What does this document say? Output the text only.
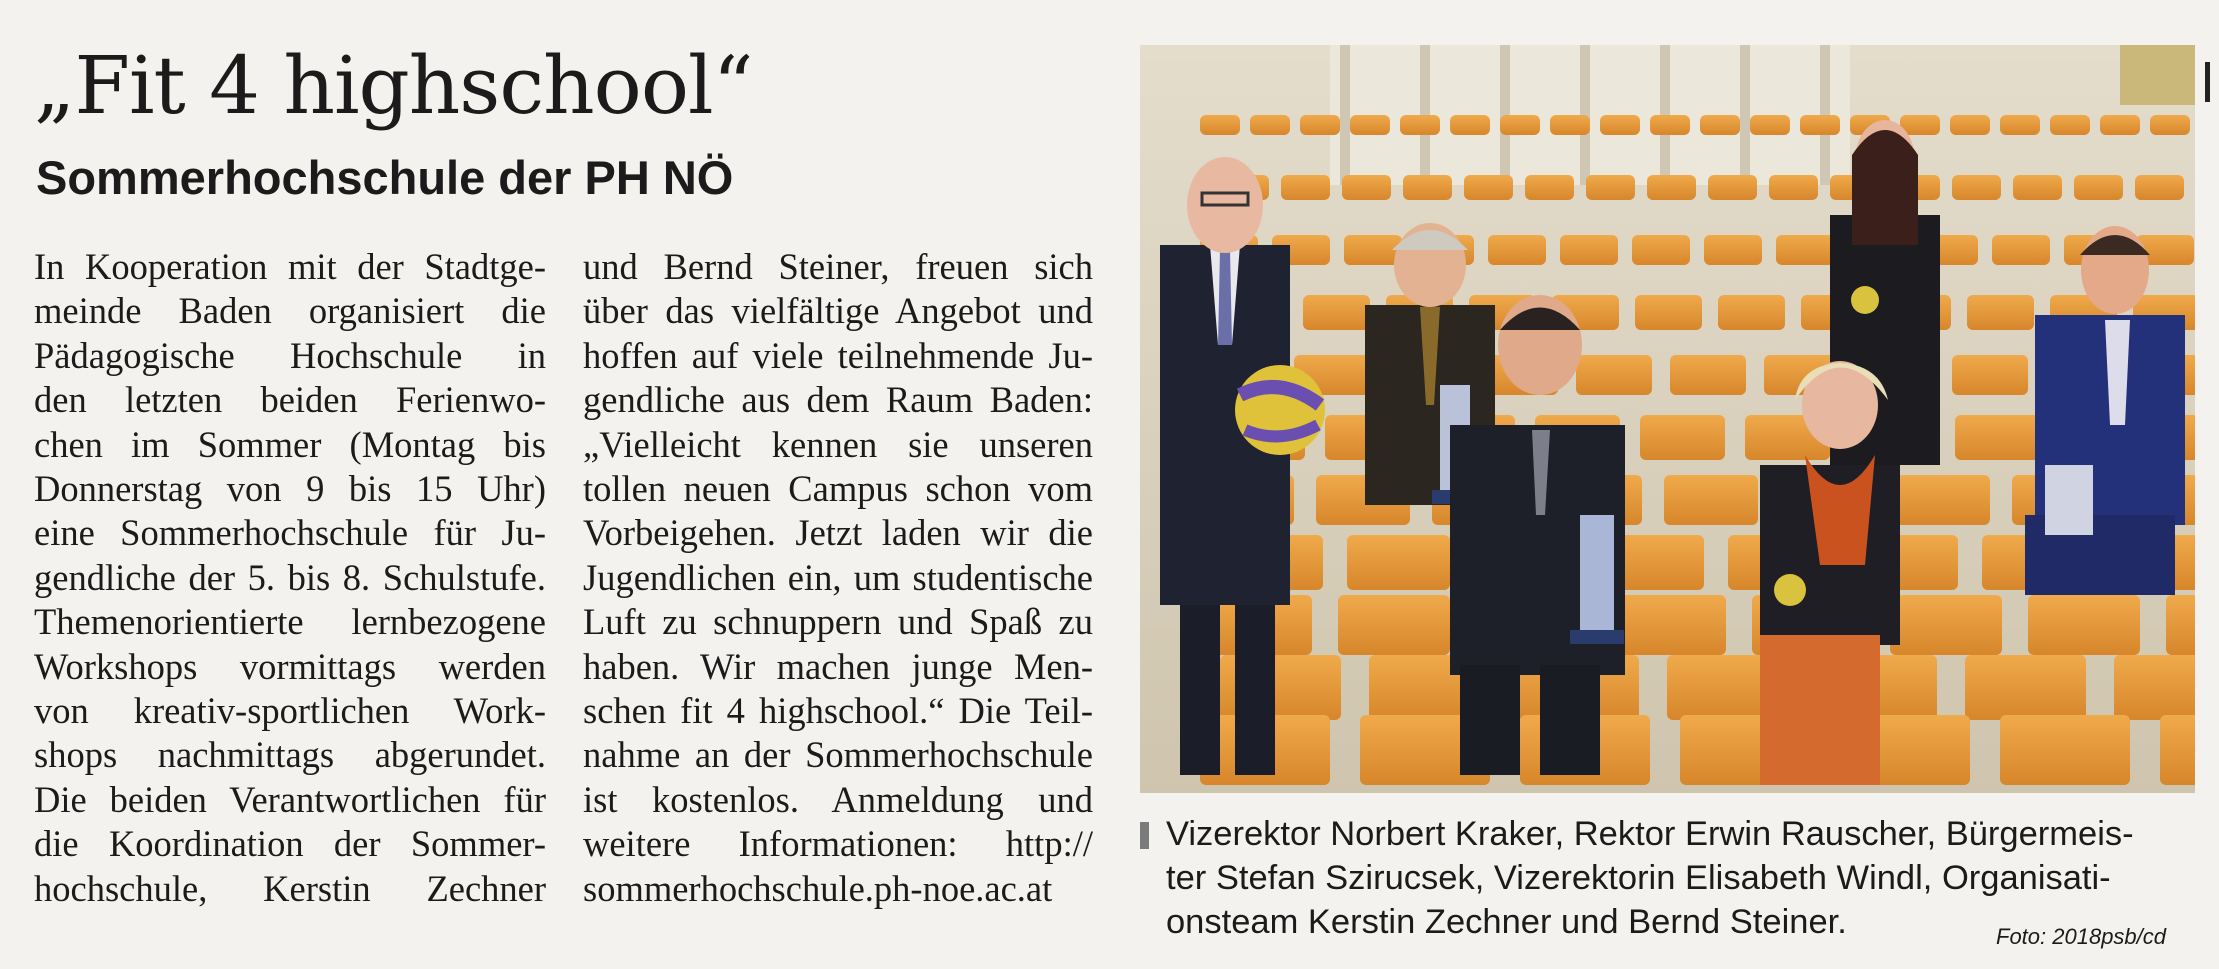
„Fit 4 highschool“
Sommerhochschule der PH NÖ
In Kooperation mit der Stadtge-
meinde Baden organisiert die
Pädagogische Hochschule in
den letzten beiden Ferienwo-
chen im Sommer (Montag bis
Donnerstag von 9 bis 15 Uhr)
eine Sommerhochschule für Ju-
gendliche der 5. bis 8. Schulstufe.
Themenorientierte lernbezogene
Workshops vormittags werden
von kreativ-sportlichen Work-
shops nachmittags abgerundet.
Die beiden Verantwortlichen für
die Koordination der Sommer-
hochschule, Kerstin Zechner
und Bernd Steiner, freuen sich
über das vielfältige Angebot und
hoffen auf viele teilnehmende Ju-
gendliche aus dem Raum Baden:
„Vielleicht kennen sie unseren
tollen neuen Campus schon vom
Vorbeigehen. Jetzt laden wir die
Jugendlichen ein, um studentische
Luft zu schnuppern und Spaß zu
haben. Wir machen junge Men-
schen fit 4 highschool.“ Die Teil-
nahme an der Sommerhochschule
ist kostenlos. Anmeldung und
weitere Informationen: http://
sommerhochschule.ph-noe.ac.at
Vizerektor Norbert Kraker, Rektor Erwin Rauscher, Bürgermeis-
ter Stefan Szirucsek, Vizerektorin Elisabeth Windl, Organisati-
onsteam Kerstin Zechner und Bernd Steiner.	Foto: 2018psb/cd
